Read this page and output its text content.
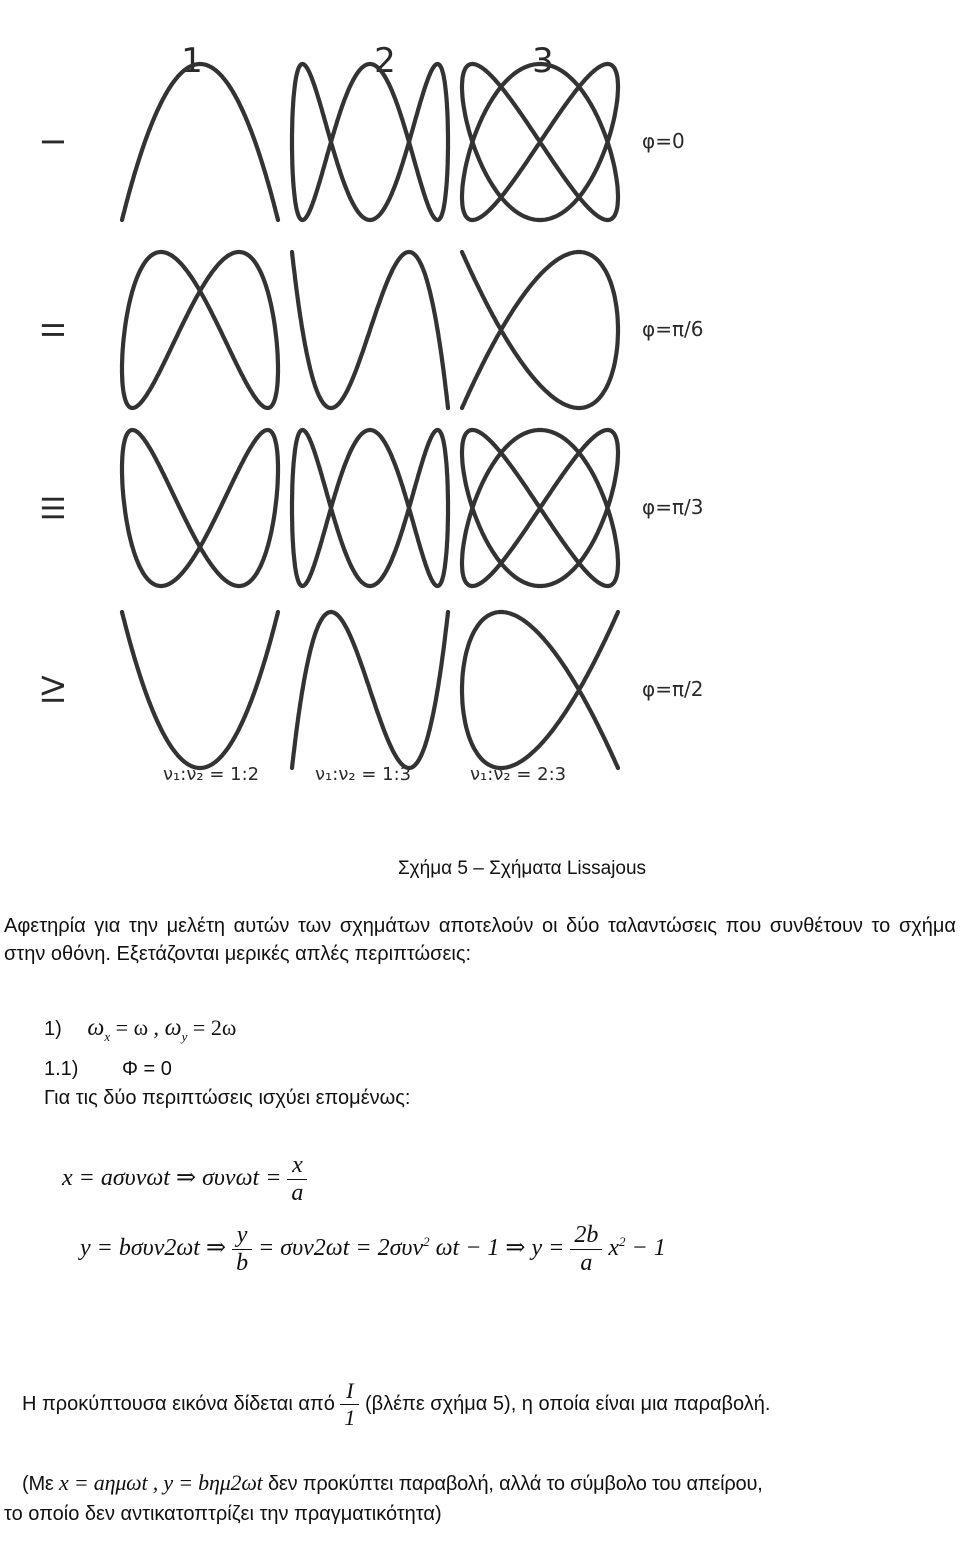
1	2	3
I
II
III
IV
φ=0
φ=π/6
φ=π/3
φ=π/2
ν₁:ν₂ = 1:2	ν₁:ν₂ = 1:3	ν₁:ν₂ = 2:3
Σχήμα 5 – Σχήματα Lissajous
Αφετηρία για την μελέτη αυτών των σχημάτων αποτελούν οι δύο ταλαντώσεις που συνθέτουν το σχήμα στην οθόνη. Εξετάζονται μερικές απλές περιπτώσεις:
1) $\omega_x = \omega$ , $\omega_y = 2\omega$
1.1) Φ = 0
Για τις δύο περιπτώσεις ισχύει επομένως:
x = aσυνωt ⇒ $\sigma\upsilon\nu\omega t = \frac{x}{a}$
y = bσυν2ωt ⇒ $\frac{y}{b} = \sigma\upsilon\nu 2\omega t = 2\sigma\upsilon\nu^2$ ωt − 1 ⇒ $y = \frac{2b}{a} x^2 - 1$
Η προκύπτουσα εικόνα δίδεται από $\frac{I}{1} (\beta\lambda έ\pi\varepsilon$ σχήμα 5), η οποία είναι μια παραβολή.
(Με x = aημωt , y = bημ2ωt δεν προκύπτει παραβολή, αλλά το σύμβολο του απείρου,
το οποίο δεν αντικατοπτρίζει την πραγματικότητα)
